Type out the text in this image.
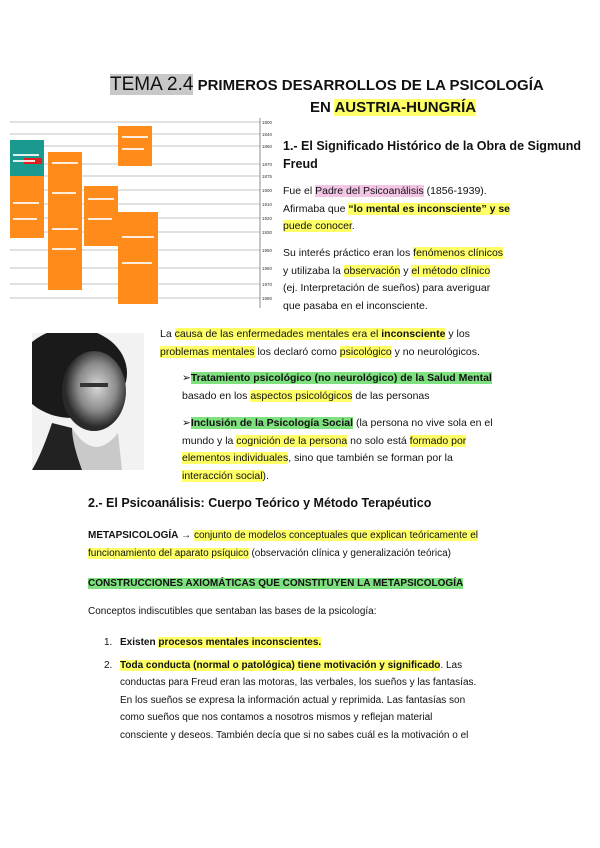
TEMA 2.4 PRIMEROS DESARROLLOS DE LA PSICOLOGÍA
EN AUSTRIA-HUNGRÍA
1800
1840
1860
1870
1875
1900
1910
1920
1930
1950
1960
1970
1980
1.- El Significado Histórico de la Obra de Sigmund
Freud
Fue el Padre del Psicoanálisis (1856-1939).
Afirmaba que “lo mental es inconsciente” y se
puede conocer.
Su interés práctico eran los fenómenos clínicos
y utilizaba la observación y el método clínico
(ej. Interpretación de sueños) para averiguar
que pasaba en el inconsciente.
La causa de las enfermedades mentales era el inconsciente y los
problemas mentales los declaró como psicológico y no neurológicos.
➢Tratamiento psicológico (no neurológico) de la Salud Mental
basado en los aspectos psicológicos de las personas
➢Inclusión de la Psicología Social (la persona no vive sola en el
mundo y la cognición de la persona no solo está formado por
elementos individuales, sino que también se forman por la
interacción social).
2.- El Psicoanálisis: Cuerpo Teórico y Método Terapéutico
METAPSICOLOGÍA → conjunto de modelos conceptuales que explican teóricamente el
funcionamiento del aparato psíquico (observación clínica y generalización teórica)
CONSTRUCCIONES AXIOMÁTICAS QUE CONSTITUYEN LA METAPSICOLOGÍA
Conceptos indiscutibles que sentaban las bases de la psicología:
1. Existen procesos mentales inconscientes.
2. Toda conducta (normal o patológica) tiene motivación y significado. Las
conductas para Freud eran las motoras, las verbales, los sueños y las fantasías.
En los sueños se expresa la información actual y reprimida. Las fantasías son
como sueños que nos contamos a nosotros mismos y reflejan material
consciente y deseos. También decía que si no sabes cuál es la motivación o el
